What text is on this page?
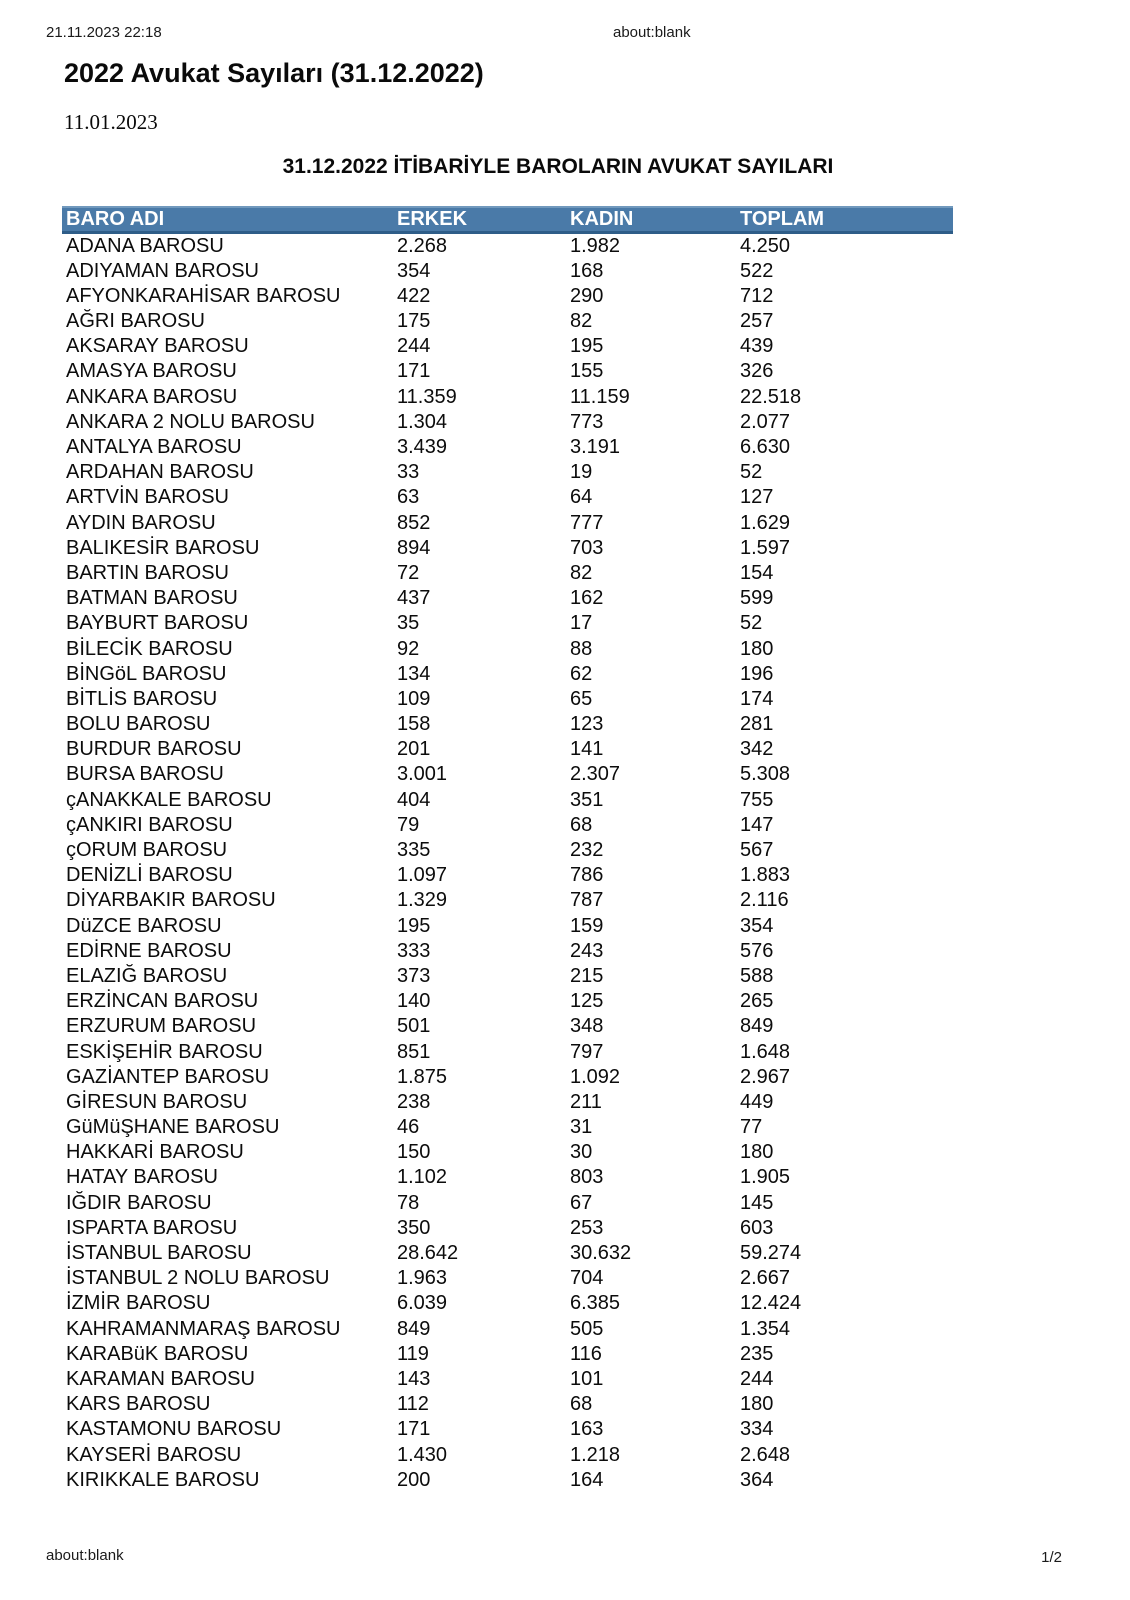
21.11.2023 22:18	about:blank
2022 Avukat Sayıları (31.12.2022)
11.01.2023
31.12.2022 İTİBARİYLE BAROLARIN AVUKAT SAYILARI
BARO ADI	ERKEK	KADIN	TOPLAM
ADANA BAROSU	2.268	1.982	4.250
ADIYAMAN BAROSU	354	168	522
AFYONKARAHİSAR BAROSU	422	290	712
AĞRI BAROSU	175	82	257
AKSARAY BAROSU	244	195	439
AMASYA BAROSU	171	155	326
ANKARA BAROSU	11.359	11.159	22.518
ANKARA 2 NOLU BAROSU	1.304	773	2.077
ANTALYA BAROSU	3.439	3.191	6.630
ARDAHAN BAROSU	33	19	52
ARTVİN BAROSU	63	64	127
AYDIN BAROSU	852	777	1.629
BALIKESİR BAROSU	894	703	1.597
BARTIN BAROSU	72	82	154
BATMAN BAROSU	437	162	599
BAYBURT BAROSU	35	17	52
BİLECİK BAROSU	92	88	180
BİNGöL BAROSU	134	62	196
BİTLİS BAROSU	109	65	174
BOLU BAROSU	158	123	281
BURDUR BAROSU	201	141	342
BURSA BAROSU	3.001	2.307	5.308
çANAKKALE BAROSU	404	351	755
çANKIRI BAROSU	79	68	147
çORUM BAROSU	335	232	567
DENİZLİ BAROSU	1.097	786	1.883
DİYARBAKIR BAROSU	1.329	787	2.116
DüZCE BAROSU	195	159	354
EDİRNE BAROSU	333	243	576
ELAZIĞ BAROSU	373	215	588
ERZİNCAN BAROSU	140	125	265
ERZURUM BAROSU	501	348	849
ESKİŞEHİR BAROSU	851	797	1.648
GAZİANTEP BAROSU	1.875	1.092	2.967
GİRESUN BAROSU	238	211	449
GüMüŞHANE BAROSU	46	31	77
HAKKARİ BAROSU	150	30	180
HATAY BAROSU	1.102	803	1.905
IĞDIR BAROSU	78	67	145
ISPARTA BAROSU	350	253	603
İSTANBUL BAROSU	28.642	30.632	59.274
İSTANBUL 2 NOLU BAROSU	1.963	704	2.667
İZMİR BAROSU	6.039	6.385	12.424
KAHRAMANMARAŞ BAROSU	849	505	1.354
KARABüK BAROSU	119	116	235
KARAMAN BAROSU	143	101	244
KARS BAROSU	112	68	180
KASTAMONU BAROSU	171	163	334
KAYSERİ BAROSU	1.430	1.218	2.648
KIRIKKALE BAROSU	200	164	364
about:blank	1/2
